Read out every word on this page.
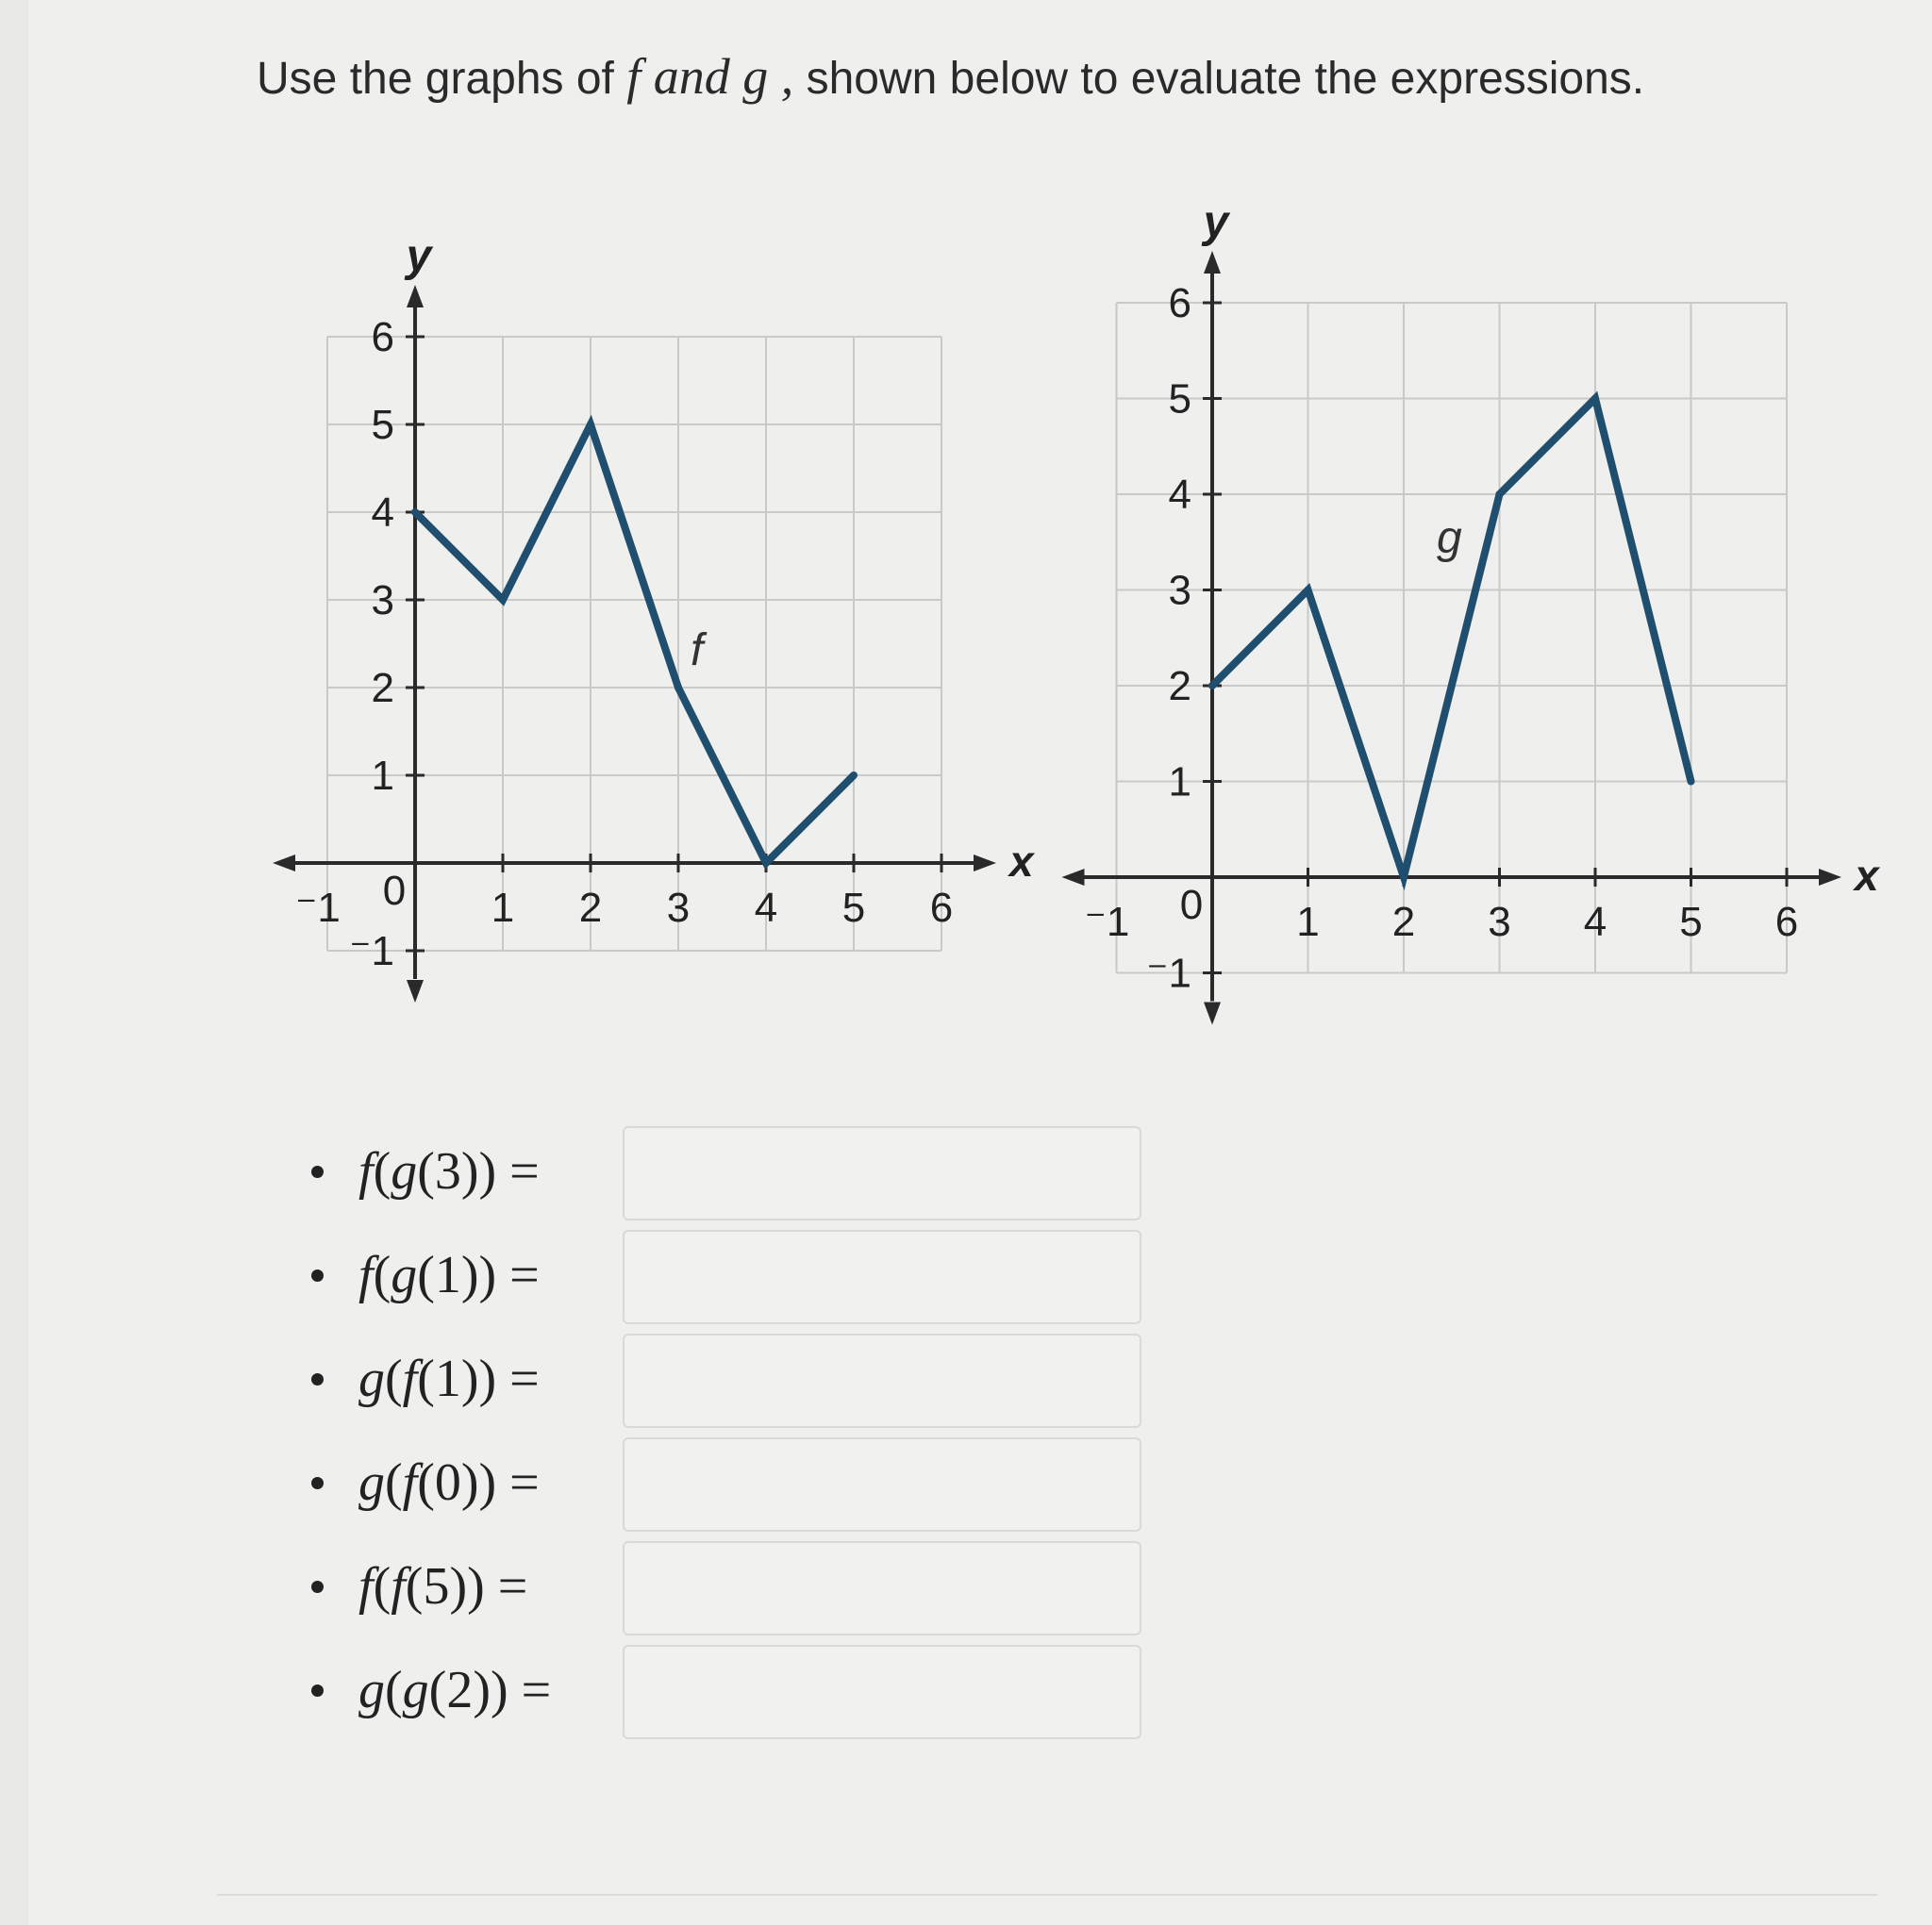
Use the graphs of f and g , shown below to evaluate the expressions.
⁻1 0 1 2 3 4 5 6
⁻1
1
2
3
4
5
6
x
y
f
⁻1 0 1 2 3 4 5 6
⁻1
1
2
3
4
5
6
x
y
g
f(g(3)) =
f(g(1)) =
g(f(1)) =
g(f(0)) =
f(f(5)) =
g(g(2)) =
